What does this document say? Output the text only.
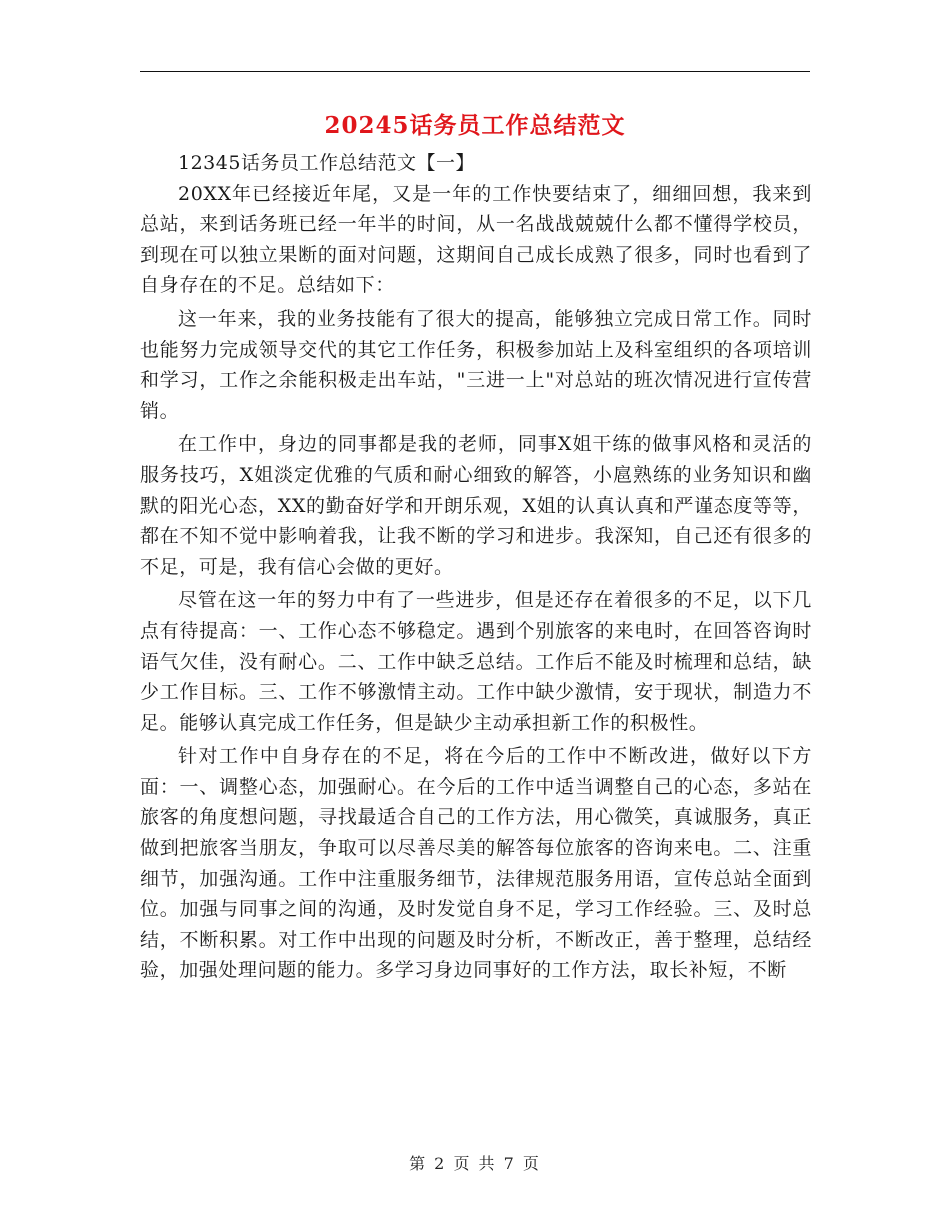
20245话务员工作总结范文

12345话务员工作总结范文【一】

20XX年已经接近年尾，又是一年的工作快要结束了，细细回想，我来到总站，来到话务班已经一年半的时间，从一名战战兢兢什么都不懂得学校员，到现在可以独立果断的面对问题，这期间自己成长成熟了很多，同时也看到了自身存在的不足。总结如下：

这一年来，我的业务技能有了很大的提高，能够独立完成日常工作。同时也能努力完成领导交代的其它工作任务，积极参加站上及科室组织的各项培训和学习，工作之余能积极走出车站，"三进一上"对总站的班次情况进行宣传营销。

在工作中，身边的同事都是我的老师，同事X姐干练的做事风格和灵活的服务技巧，X姐淡定优雅的气质和耐心细致的解答，小扈熟练的业务知识和幽默的阳光心态，XX的勤奋好学和开朗乐观，X姐的认真认真和严谨态度等等，都在不知不觉中影响着我，让我不断的学习和进步。我深知，自己还有很多的不足，可是，我有信心会做的更好。

尽管在这一年的努力中有了一些进步，但是还存在着很多的不足，以下几点有待提高：一、工作心态不够稳定。遇到个别旅客的来电时，在回答咨询时语气欠佳，没有耐心。二、工作中缺乏总结。工作后不能及时梳理和总结，缺少工作目标。三、工作不够激情主动。工作中缺少激情，安于现状，制造力不足。能够认真完成工作任务，但是缺少主动承担新工作的积极性。

针对工作中自身存在的不足，将在今后的工作中不断改进，做好以下方面：一、调整心态，加强耐心。在今后的工作中适当调整自己的心态，多站在旅客的角度想问题，寻找最适合自己的工作方法，用心微笑，真诚服务，真正做到把旅客当朋友，争取可以尽善尽美的解答每位旅客的咨询来电。二、注重细节，加强沟通。工作中注重服务细节，法律规范服务用语，宣传总站全面到位。加强与同事之间的沟通，及时发觉自身不足，学习工作经验。三、及时总结，不断积累。对工作中出现的问题及时分析，不断改正，善于整理，总结经验，加强处理问题的能力。多学习身边同事好的工作方法，取长补短，不断

第 2 页 共 7 页
